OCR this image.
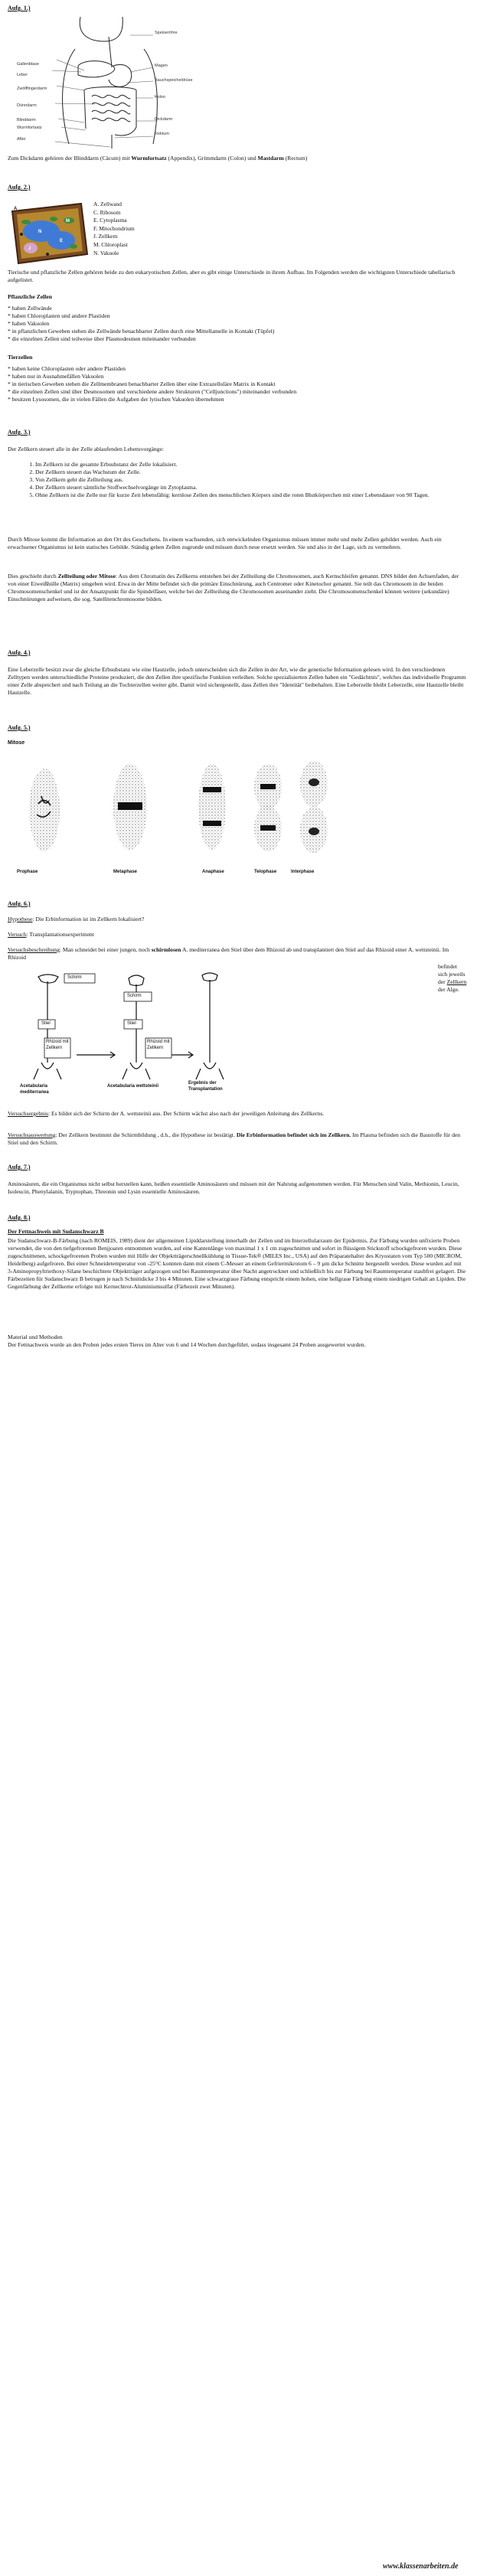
Aufg. 1.)
Gallenblase
Leber
Zwölffingerdarm
Dünndarm
Blinddarm
Wurmfortsatz
After
Speiseröhre
Magen
Bauchspeicheldrüse
Kolon
Dickdarm
Rektum

Zum Dickdarm gehören der Blinddarm (Cäcum) mit Wurmfortsatz (Appendix), Grimmdarm (Colon) und Mastdarm (Rectum)

Aufg. 2.)
N
J
M
E
A
A. Zellwand
C. Ribosom
E. Cytoplasma
F. Mitochondrium
J. Zellkern
M. Chloroplast
N. Vakuole

Tierische und pflanzliche Zellen gehören beide zu den eukaryotischen Zellen, aber es gibt einige Unterschiede in ihrem Aufbau. Im Folgenden werden die wichtigsten Unterschiede tabellarisch aufgelistet.

Pflanzliche Zellen
* haben Zellwände
* haben Chloroplasten und andere Plastiden
* haben Vakuolen
* in pflanzlichen Geweben stehen die Zellwände benachbarter Zellen durch eine Mittellamelle in Kontakt (Tüpfel)
* die einzelnen Zellen sind teilweise über Plasmodesmen miteinander verbunden
Tierzellen
* haben keine Chloroplasten oder andere Plastiden
* haben nur in Ausnahmefällen Vakuolen
* in tierischen Geweben stehen die Zellmembranen benachbarter Zellen über eine Extrazelluläre Matrix in Kontakt
* die einzelnen Zellen sind über Desmosomen und verschiedene andere Strukturen ("Celljunctions") miteinander verbunden
* besitzen Lysosomen, die in vielen Fällen die Aufgaben der lytischen Vakuolen übernehmen
Aufg. 3.)

Der Zellkern steuert alle in der Zelle ablaufenden Lebensvorgänge:

1. Im Zellkern ist die gesamte Erbsubstanz der Zelle lokalisiert.
2. Der Zellkern steuert das Wachstum der Zelle.
3. Von Zellkern geht die Zellteilung aus.
4. Der Zellkern steuert sämtliche Stoffwechselvorgänge im Zytoplasma.
5. Ohne Zellkern ist die Zelle nur für kurze Zeit lebensfähig: kernlose Zellen des menschlichen Körpers sind die roten Blutkörperchen mit einer Lebensdauer von 90 Tagen.

Durch Mitose kommt die Information an den Ort des Geschehens. In einem wachsenden, sich entwickelnden Organismus müssen immer mehr und mehr Zellen gebildet werden. Auch ein erwachsener Organismus ist kein statisches Gebilde. Ständig gehen Zellen zugrunde und müssen durch neue ersetzt werden. Sie und also in der Lage, sich zu vermehren.

Dies geschieht durch Zellteilung oder Mitose: Aus dem Chromatin des Zellkerns entstehen bei der Zellteilung die Chromosomen, auch Kernschleifen genannt. DNS bildet den Achsenfaden, der von einer Eiweißhülle (Matrix) umgeben wird. Etwa in der Mitte befindet sich die primäre Einschnürung, auch Centromer oder Kinetochor genannt. Sie teilt das Chromosom in die beiden Chromosomenschenkel und ist der Ansatzpunkt für die Spindelfäser, welche bei der Zellteilung die Chromosomen auseinander zieht. Die Chromosomenschenkel können weitere (sekundäre) Einschnürungen aufweisen, die sog. Satellitenchromosome bilden.

Aufg. 4.)

Eine Leberzelle besitzt zwar die gleiche Erbsubstanz wie eine Hautzelle, jedoch unterscheiden sich die Zellen in der Art, wie die genetische Information gelesen wird. In den verschiedenen Zelltypen werden unterschiedliche Proteine produziert, die den Zellen ihre spezifische Funktion verleihen. Solche spezialisierten Zellen haben ein "Gedächtnis", welches das individuelle Programm einer Zelle abspeichert und nach Teilung an die Tochterzellen weiter gibt. Damit wird sichergestellt, dass Zellen ihre "Identität" beibehalten. Eine Leberzelle bleibt Leberzelle, eine Hautzelle bleibt Hautzelle.

Aufg. 5.)
Mitose
Prophase	Metaphase	Anaphase	Telophase	Interphase
Aufg. 6.)

Hypothese: Die Erbinformation ist im Zellkern lokalisiert?

Versuch: Transplantationsexperiment

Versuchsbeschreibung: Man schneidet bei einer jungen, noch schirmlosen A. mediterranea den Stiel über dem Rhizoid ab und transplantiert den Stiel auf das Rhizoid einer A. wettsteinii. Im Rhizoid

befindet
sich jeweils
der Zellkern
der Alge.
Schirm
Stiel
Rhizoid mit Zellkern
Schirm
Stiel
Rhizoid mit Zellkern
Acetabularia mediterranea
Acetabularia wettsteinii
Ergebnis der Transplantation

Versuchsergebnis: Es bildet sich der Schirm der A. wettsteinii aus. Der Schirm wächst also nach der jeweiligen Anleitung des Zellkerns.

Versuchsauswertung: Der Zellkern bestimmt die Schirmbildung , d.h., die Hypothese ist bestätigt. Die Erbinformation befindet sich im Zellkern. Im Plasma befinden sich die Baustoffe für den Stiel und den Schirm.

Aufg. 7.)

Aminosäuren, die ein Organismus nicht selbst herstellen kann, heißen essentielle Aminosäuren und müssen mit der Nahrung aufgenommen werden. Für Menschen sind Valin, Methionin, Leucin, Isoleucin, Phenylalanin, Tryptophan, Threonin und Lysin essentielle Aminosäuren.

Aufg. 8.)
Der Fettnachweis mit Sudanschwarz B

Die Sudanschwarz-B-Färbung (nach ROMEIS, 1989) dient der allgemeinen Lipiddarstellung innerhalb der Zellen und im Interzellularraum der Epidermis. Zur Färbung wurden unfixierte Proben verwendet, die von den tiefgefrorenen Benjjoaren entnommen wurden, auf eine Kantenlänge von maximal 1 x 1 cm zugeschnitten und sofort in flüssigem Stickstoff schockgefroren wurden. Diese zugeschnittenen, schockgefrorenen Proben wurden mit Hilfe der Objektträgerschnellkühlung in Tissue-Tek® (MILES Inc., USA) auf den Präparatehalter des Kryostaten vom Typ 500 (MICROM, Heidelberg) aufgefroren. Bei einer Schneidetemperatur von -25°C konnten dann mit einem C-Messer an einem Gefriermikrotom 6 – 9 µm dicke Schnitte hergestellt werden. Diese wurden auf mit 3-Aminopropyltriethoxy-Silane beschichtete Objektträger aufgezogen und bei Raumtemperatur über Nacht angetrocknet und schließlich bis zur Färbung bei Raumtemperatur staubfrei gelagert. Die Färbezeiten für Sudanschwarz B betrugen je nach Schnittdicke 3 bis 4 Minuten. Eine schwarzgraue Färbung entspricht einem hohen, eine hellgraue Färbung einem niedrigen Gehalt an Lipiden. Die Gegenfärbung der Zellkerne erfolgte mit Kernechtrot-Aluminiumsulfat (Färbezeit zwei Minuten).

Material und Methoden

Der Fettnachweis wurde an den Proben jedes ersten Tieres im Alter von 6 und 14 Wochen durchgeführt, sodass insgesamt 24 Proben ausgewertet wurden.

www.klassenarbeiten.de
